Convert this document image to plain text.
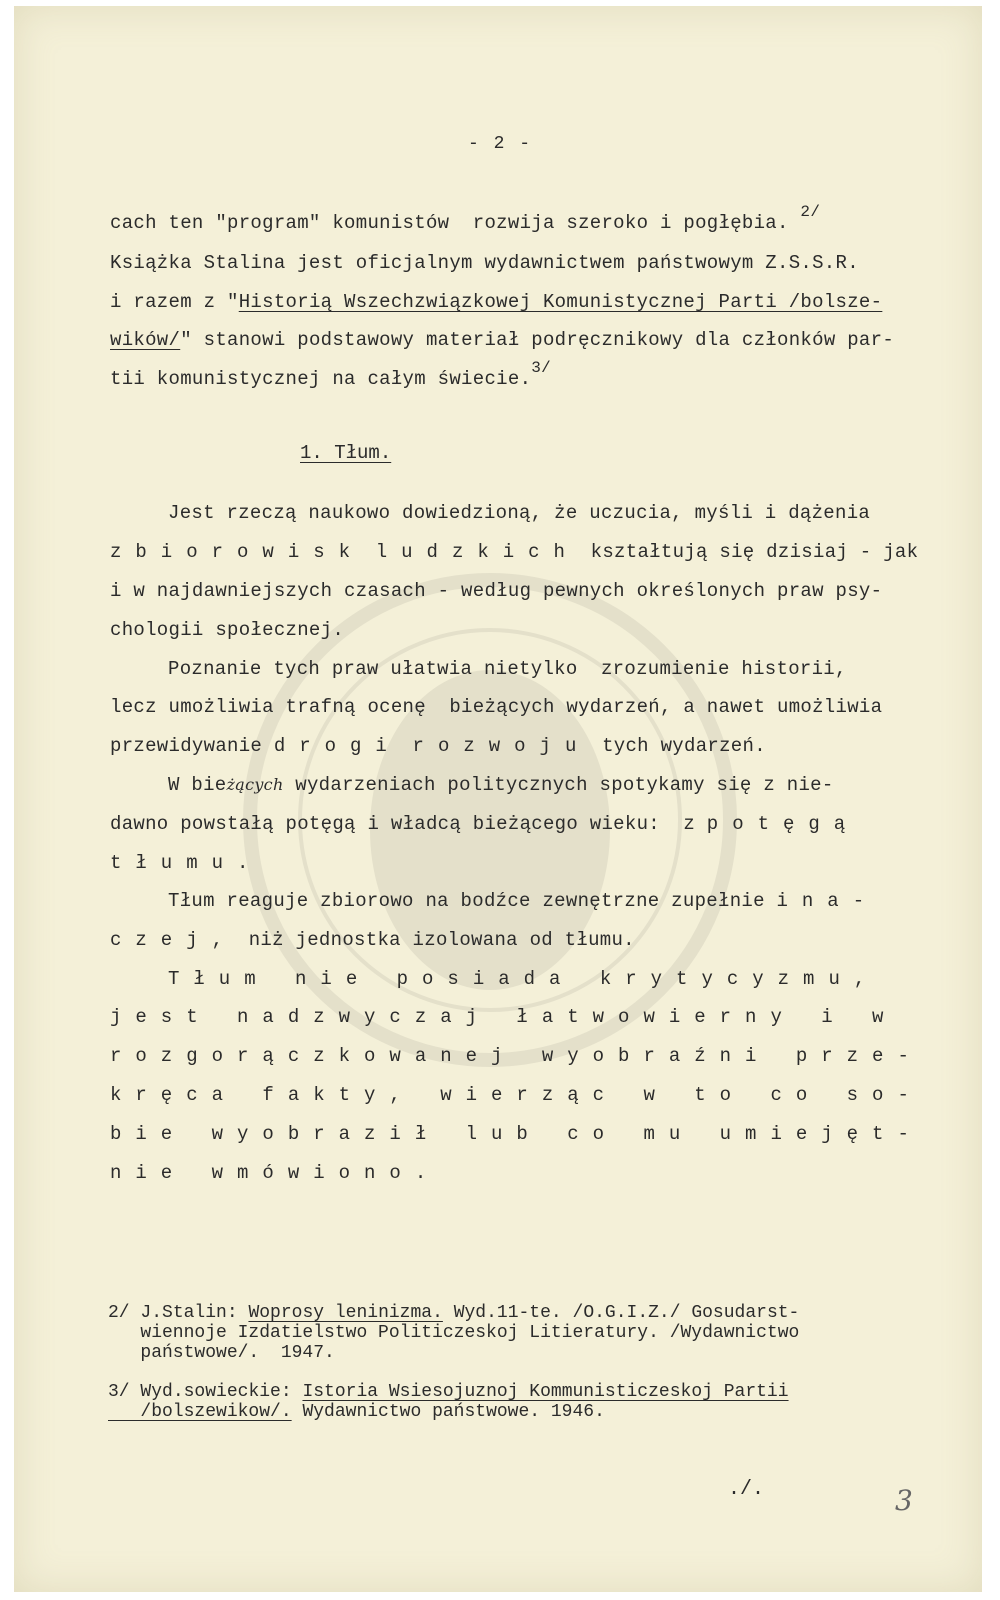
- 2 -
cach ten "program" komunistów  rozwija szeroko i pogłębia. $^{2/}$
Książka Stalina jest oficjalnym wydawnictwem państwowym Z.S.S.R.
i razem z "Historią Wszechzwiązkowej Komunistycznej Parti /bolsze-
wików/" stanowi podstawowy materiał podręcznikowy dla członków par-
tii komunistycznej na całym świecie.$^{3/}$
1. Tłum.
Jest rzeczą naukowo dowiedzioną, że uczucia, myśli i dążenia
zbiorowisk ludzkich kształtują się dzisiaj - jak
i w najdawniejszych czasach - według pewnych określonych praw psy-
chologii społecznej.
Poznanie tych praw ułatwia nietylko  zrozumienie historii,
lecz umożliwia trafną ocenę  bieżących wydarzeń, a nawet umożliwia
przewidywanie drogi rozwoju tych wydarzeń.
W bieżących wydarzeniach politycznych spotykamy się z nie-
dawno powstałą potęgą i władcą bieżącego wieku:  z potęgą
tłumu.
Tłum reaguje zbiorowo na bodźce zewnętrzne zupełnie ina-
czej, niż jednostka izolowana od tłumu.
Tłum nie posiada krytycyzmu,
jest nadzwyczaj łatwowierny i w
rozgorączkowanej wyobraźni prze-
kręca fakty, wierząc w to co so-
bie wyobraził lub co mu umiejęt-
nie wmówiono.
2/ J.Stalin: Woprosy leninizma. Wyd.11-te. /O.G.I.Z./ Gosudarst-
wiennoje Izdatielstwo Politiczeskoj Litieratury. /Wydawnictwo
państwowe/.  1947.
3/ Wyd.sowieckie: Istoria Wsiesojuznoj Kommunisticzeskoj Partii
/bolszewikow/. Wydawnictwo państwowe. 1946.
./.	3
